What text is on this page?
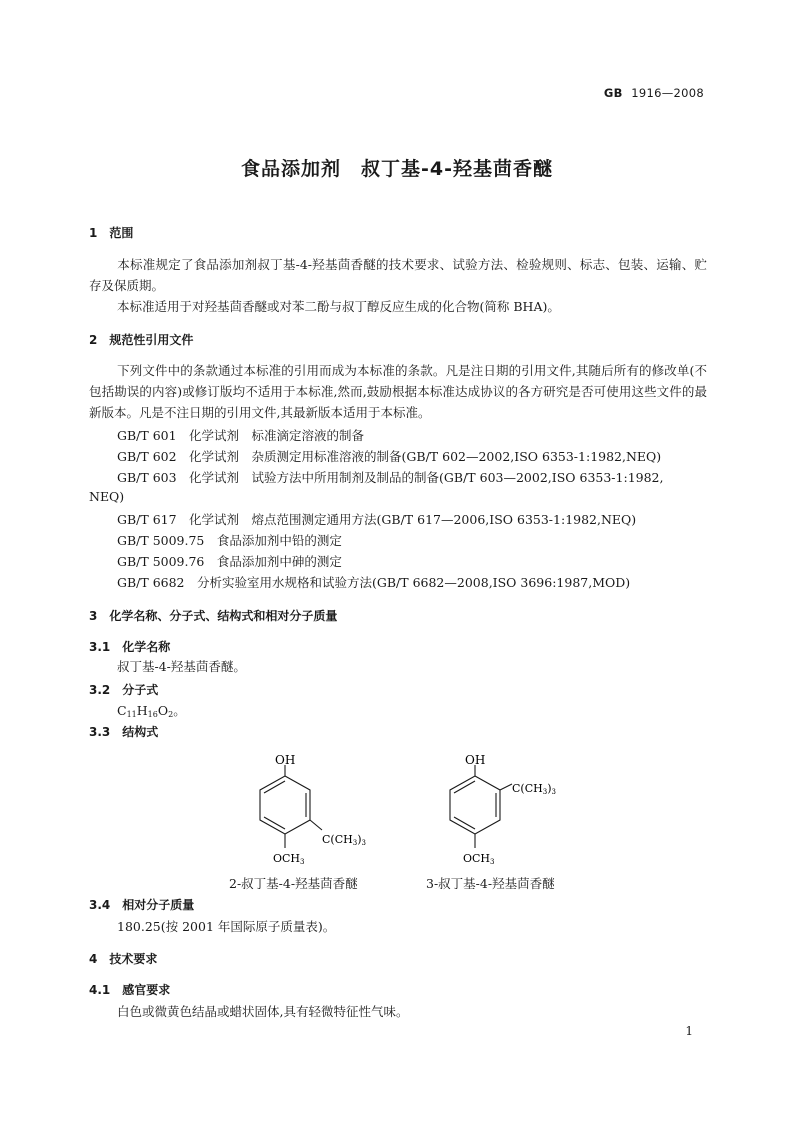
GB 1916—2008
食品添加剂　叔丁基-4-羟基茴香醚
1　范围
本标准规定了食品添加剂叔丁基-4-羟基茴香醚的技术要求、试验方法、检验规则、标志、包装、运输、贮存及保质期。
本标准适用于对羟基茴香醚或对苯二酚与叔丁醇反应生成的化合物(简称 BHA)。
2　规范性引用文件
下列文件中的条款通过本标准的引用而成为本标准的条款。凡是注日期的引用文件,其随后所有的修改单(不包括勘误的内容)或修订版均不适用于本标准,然而,鼓励根据本标准达成协议的各方研究是否可使用这些文件的最新版本。凡是不注日期的引用文件,其最新版本适用于本标准。
GB/T 601　化学试剂　标准滴定溶液的制备
GB/T 602　化学试剂　杂质测定用标准溶液的制备(GB/T 602—2002,ISO 6353-1:1982,NEQ)
GB/T 603　化学试剂　试验方法中所用制剂及制品的制备(GB/T 603—2002,ISO 6353-1:1982,
NEQ)
GB/T 617　化学试剂　熔点范围测定通用方法(GB/T 617—2006,ISO 6353-1:1982,NEQ)
GB/T 5009.75　食品添加剂中铅的测定
GB/T 5009.76　食品添加剂中砷的测定
GB/T 6682　分析实验室用水规格和试验方法(GB/T 6682—2008,ISO 3696:1987,MOD)
3　化学名称、分子式、结构式和相对分子质量
3.1　化学名称
叔丁基-4-羟基茴香醚。
3.2　分子式
$C_{11}H_{16}O_2$。
3.3　结构式
OH
C(CH3)3
OCH3
2-叔丁基-4-羟基茴香醚
OH
C(CH3)3
OCH3
3-叔丁基-4-羟基茴香醚
3.4　相对分子质量
180.25(按 2001 年国际原子质量表)。
4　技术要求
4.1　感官要求
白色或微黄色结晶或蜡状固体,具有轻微特征性气味。
1
